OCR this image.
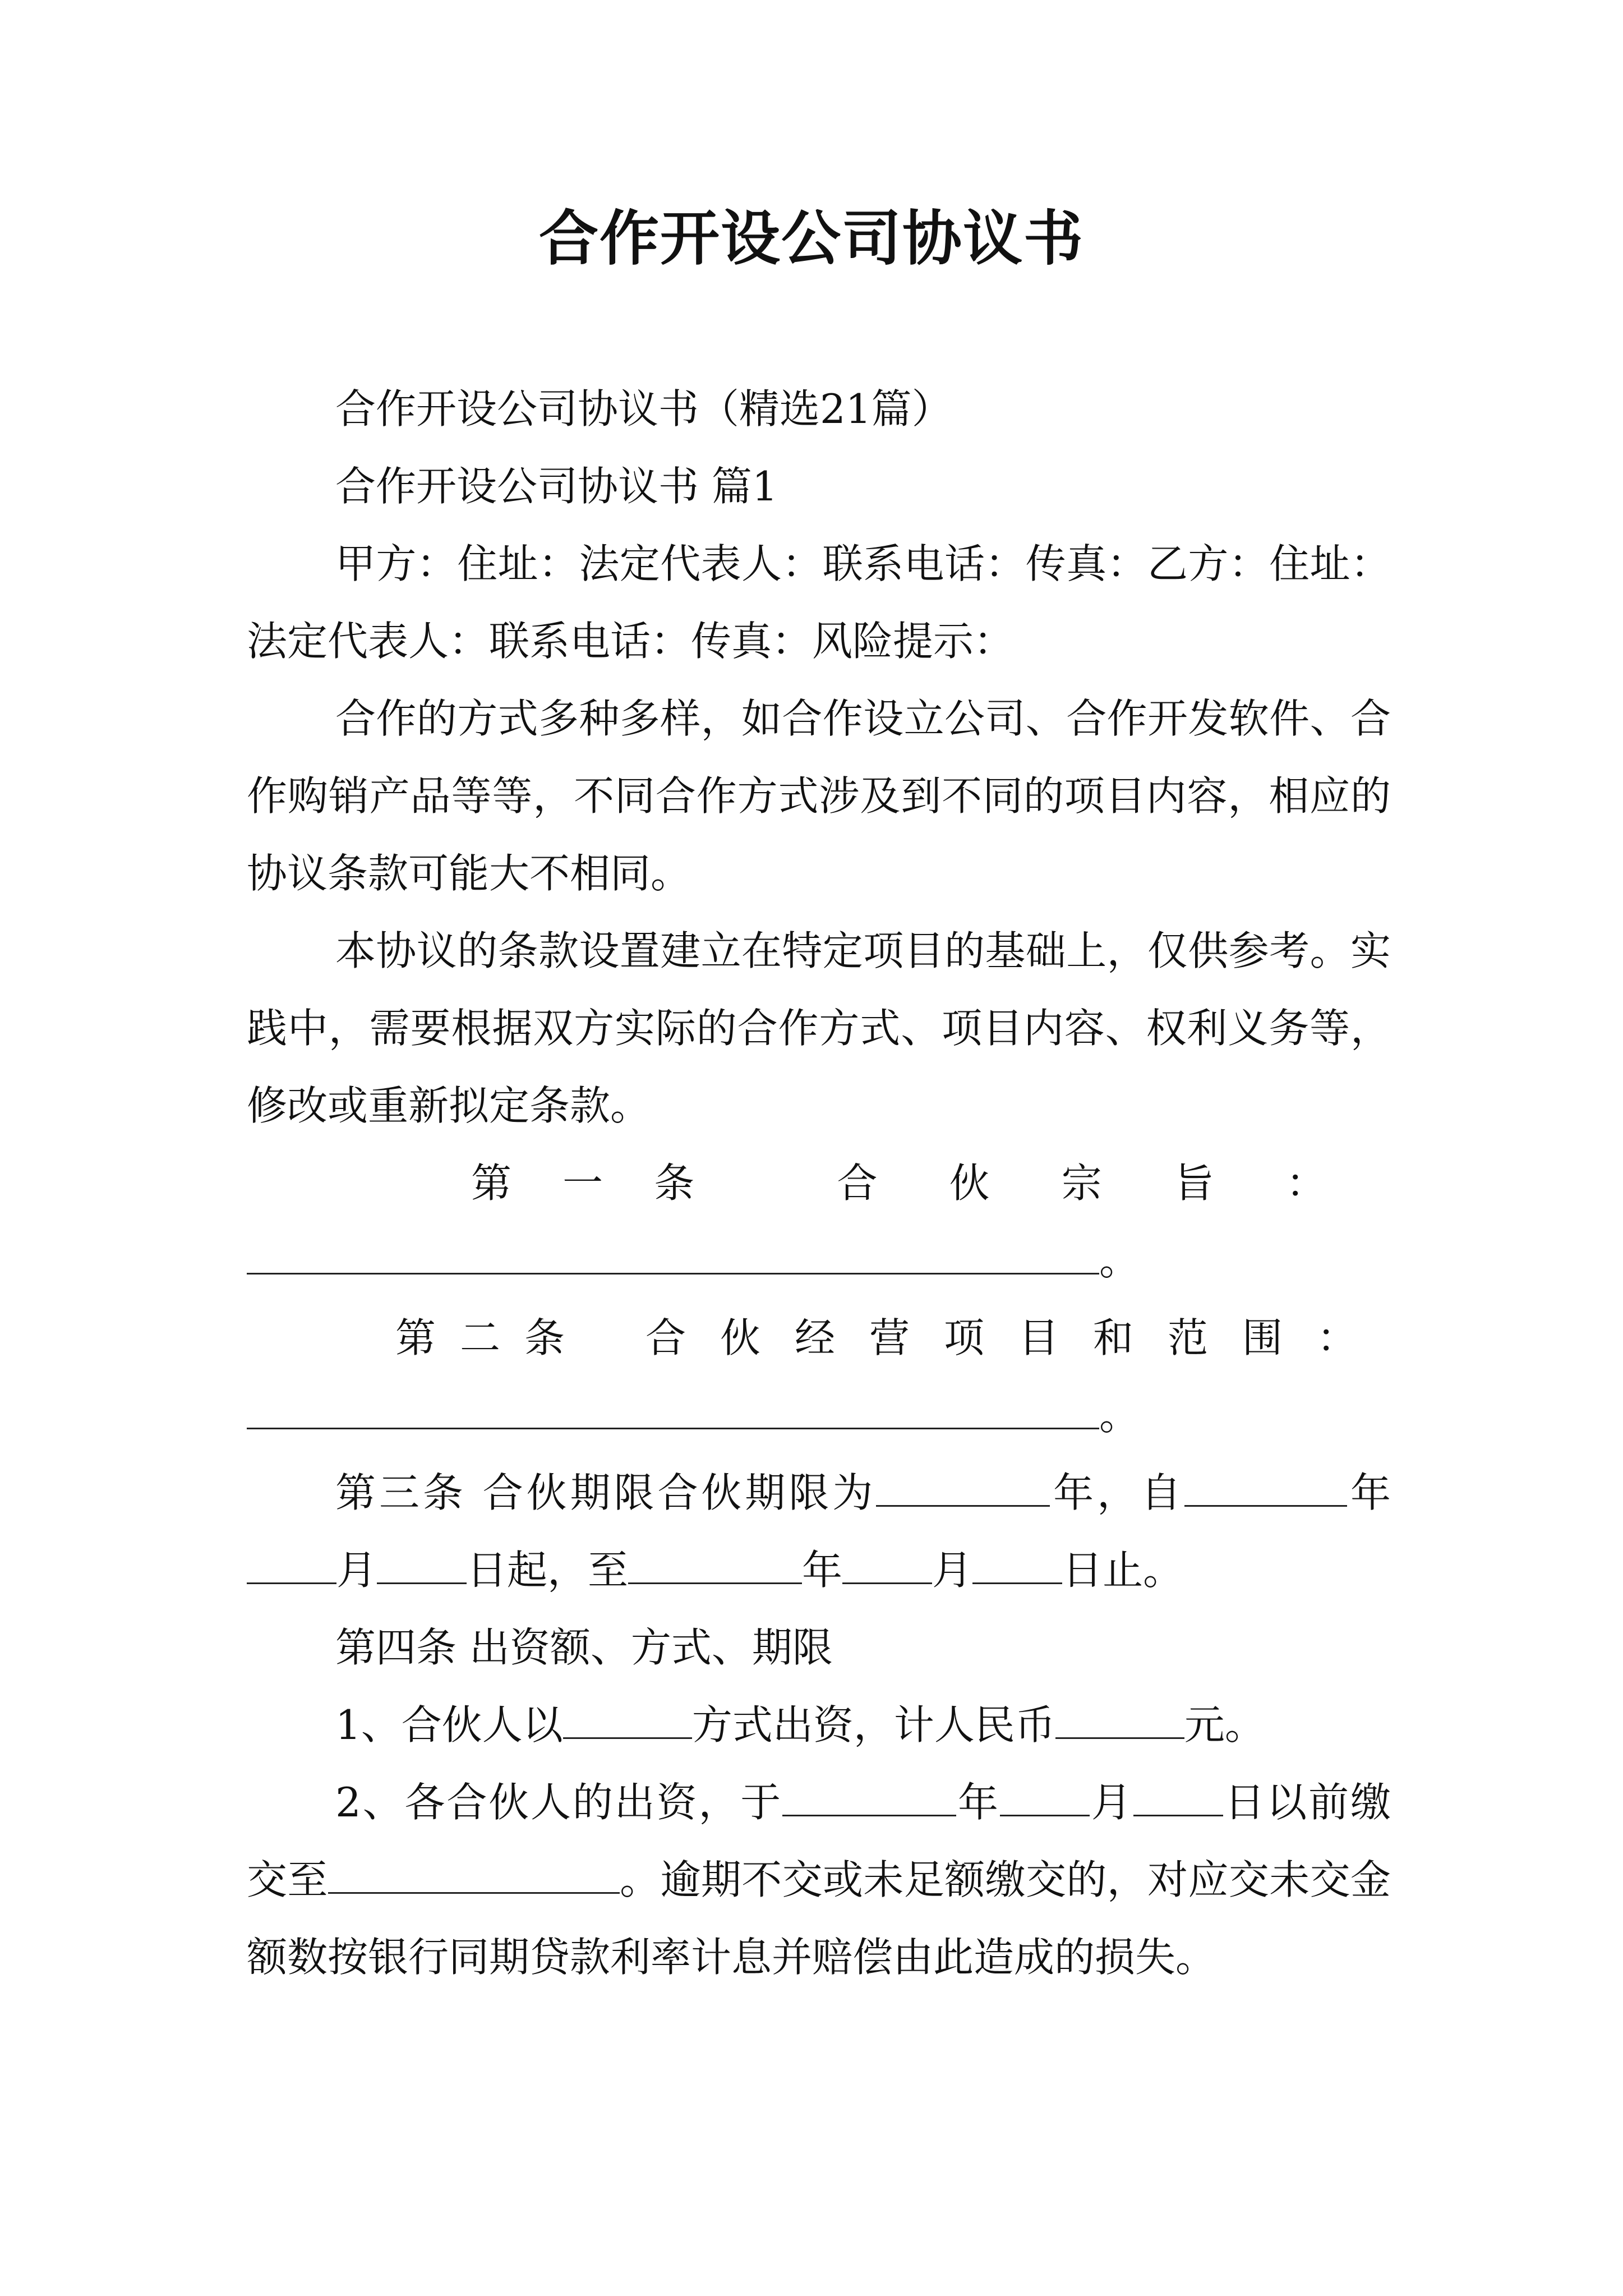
合作开设公司协议书

合作开设公司协议书（精选21篇）

合作开设公司协议书 篇1

甲方：住址：法定代表人：联系电话：传真：乙方：住址：法定代表人：联系电话：传真：风险提示：

合作的方式多种多样，如合作设立公司、合作开发软件、合作购销产品等等，不同合作方式涉及到不同的项目内容，相应的协议条款可能大不相同。

本协议的条款设置建立在特定项目的基础上，仅供参考。实践中，需要根据双方实际的合作方式、项目内容、权利义务等，修改或重新拟定条款。

第一条 合伙宗旨：
。

第二条 合伙经营项目和范围：
。

第三条 合伙期限合伙期限为	年，自	年月 日起，至	年 月 日止。

第四条 出资额、方式、期限

1、合伙人以	方式出资，计人民币	元。

2、各合伙人的出资，于	年 月 日以前缴交至	。逾期不交或未足额缴交的，对应交未交金额数按银行同期贷款利率计息并赔偿由此造成的损失。
